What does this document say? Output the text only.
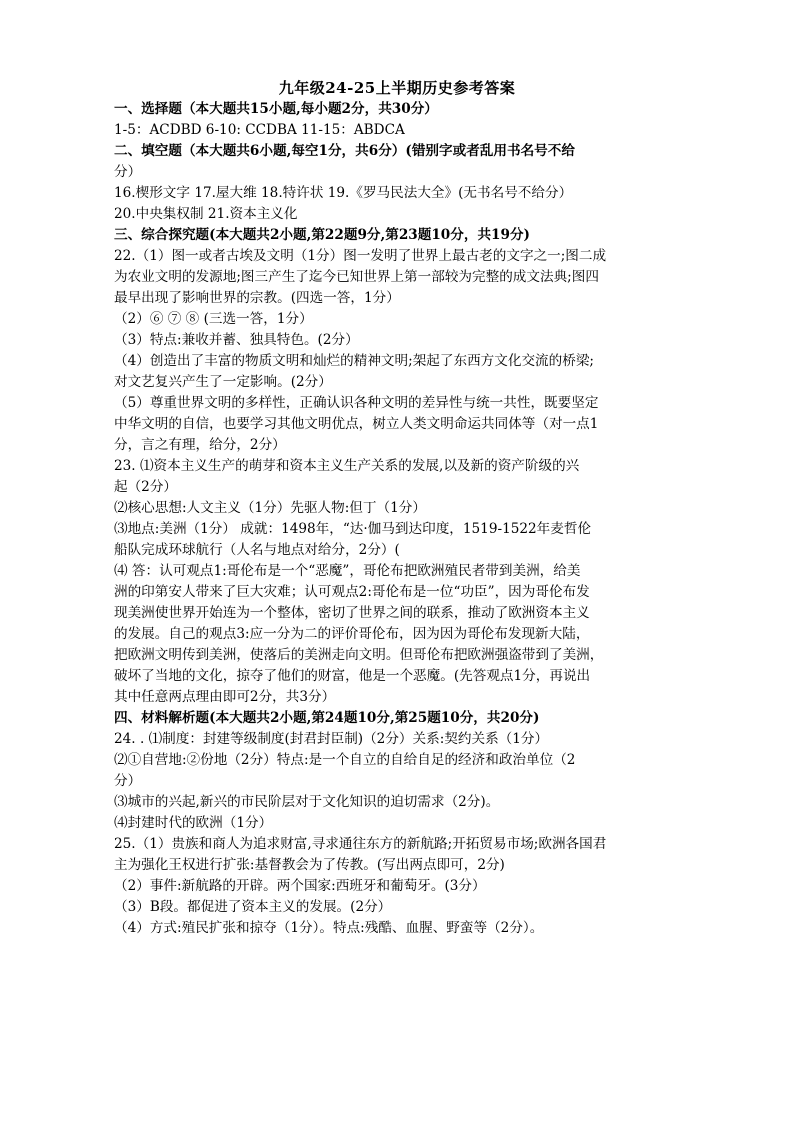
九年级24-25上半期历史参考答案
一、选择题（本大题共15小题,每小题2分，共30分）
1-5：ACDBD 6-10: CCDBA 11-15：ABDCA
二、填空题（本大题共6小题,每空1分，共6分）(错别字或者乱用书名号不给
分）
16.楔形文字 17.屋大维 18.特许状 19.《罗马民法大全》(无书名号不给分）
20.中央集权制 21.资本主义化
三、综合探究题(本大题共2小题,第22题9分,第23题10分，共19分)
22.（1）图一或者古埃及文明（1分）图一发明了世界上最古老的文字之一;图二成
为农业文明的发源地;图三产生了迄今已知世界上第一部较为完整的成文法典;图四
最早出现了影响世界的宗教。(四选一答，1分）
（2）⑥ ⑦ ⑧ (三选一答，1分）
（3）特点:兼收并蓄、独具特色。(2分）
（4）创造出了丰富的物质文明和灿烂的精神文明;架起了东西方文化交流的桥梁;
对文艺复兴产生了一定影响。(2分）
（5）尊重世界文明的多样性，正确认识各种文明的差异性与统一共性，既要坚定
中华文明的自信，也要学习其他文明优点，树立人类文明命运共同体等（对一点1
分，言之有理，给分，2分）
23. ⑴资本主义生产的萌芽和资本主义生产关系的发展,以及新的资产阶级的兴
起（2分）
⑵核心思想:人文主义（1分）先驱人物:但丁（1分）
⑶地点:美洲（1分） 成就：1498年，“达·伽马到达印度，1519-1522年麦哲伦
船队完成环球航行（人名与地点对给分，2分）(
⑷ 答：认可观点1:哥伦布是一个“恶魔”，哥伦布把欧洲殖民者带到美洲，给美
洲的印第安人带来了巨大灾难；认可观点2:哥伦布是一位“功臣”，因为哥伦布发
现美洲使世界开始连为一个整体，密切了世界之间的联系，推动了欧洲资本主义
的发展。自己的观点3:应一分为二的评价哥伦布，因为因为哥伦布发现新大陆，
把欧洲文明传到美洲，使落后的美洲走向文明。但哥伦布把欧洲强盗带到了美洲，
破坏了当地的文化，掠夺了他们的财富，他是一个恶魔。(先答观点1分，再说出
其中任意两点理由即可2分，共3分）
四、材料解析题(本大题共2小题,第24题10分,第25题10分，共20分)
24. . ⑴制度：封建等级制度(封君封臣制)（2分）关系:契约关系（1分）
⑵①自营地:②份地（2分）特点:是一个自立的自给自足的经济和政治单位（2
分）
⑶城市的兴起,新兴的市民阶层对于文化知识的迫切需求（2分)。
⑷封建时代的欧洲（1分）
25.（1）贵族和商人为追求财富,寻求通往东方的新航路;开拓贸易市场;欧洲各国君
主为强化王权进行扩张:基督教会为了传教。(写出两点即可，2分)
（2）事件:新航路的开辟。两个国家:西班牙和葡萄牙。(3分）
（3）B段。都促进了资本主义的发展。(2分）
（4）方式:殖民扩张和掠夺（1分）。特点:残酷、血腥、野蛮等（2分）。
